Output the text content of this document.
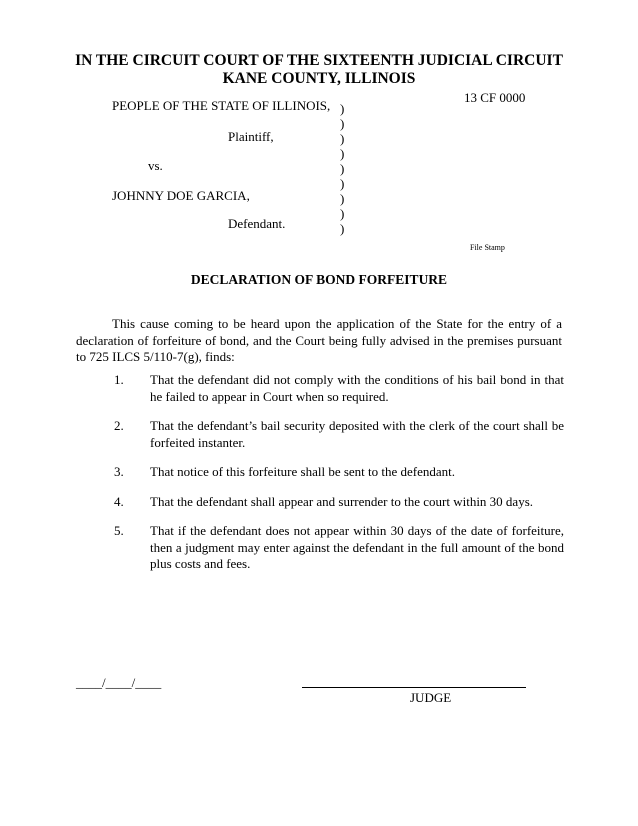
IN THE CIRCUIT COURT OF THE SIXTEENTH JUDICIAL CIRCUIT
KANE COUNTY, ILLINOIS
13 CF 0000
PEOPLE OF THE STATE OF ILLINOIS,
Plaintiff,
vs.
JOHNNY DOE GARCIA,
Defendant.
)
)
)
)
)
)
)
)
)
File Stamp
DECLARATION OF BOND FORFEITURE
This cause coming to be heard upon the application of the State for the entry of a declaration of forfeiture of bond, and the Court being fully advised in the premises pursuant to 725 ILCS 5/110-7(g), finds:
1.	That the defendant did not comply with the conditions of his bail bond in that he failed to appear in Court when so required.
2.	That the defendant’s bail security deposited with the clerk of the court shall be forfeited instanter.
3.	That notice of this forfeiture shall be sent to the defendant.
4.	That the defendant shall appear and surrender to the court within 30 days.
5.	That if the defendant does not appear within 30 days of the date of forfeiture, then a judgment may enter against the defendant in the full amount of the bond plus costs and fees.
____/____/____
JUDGE
